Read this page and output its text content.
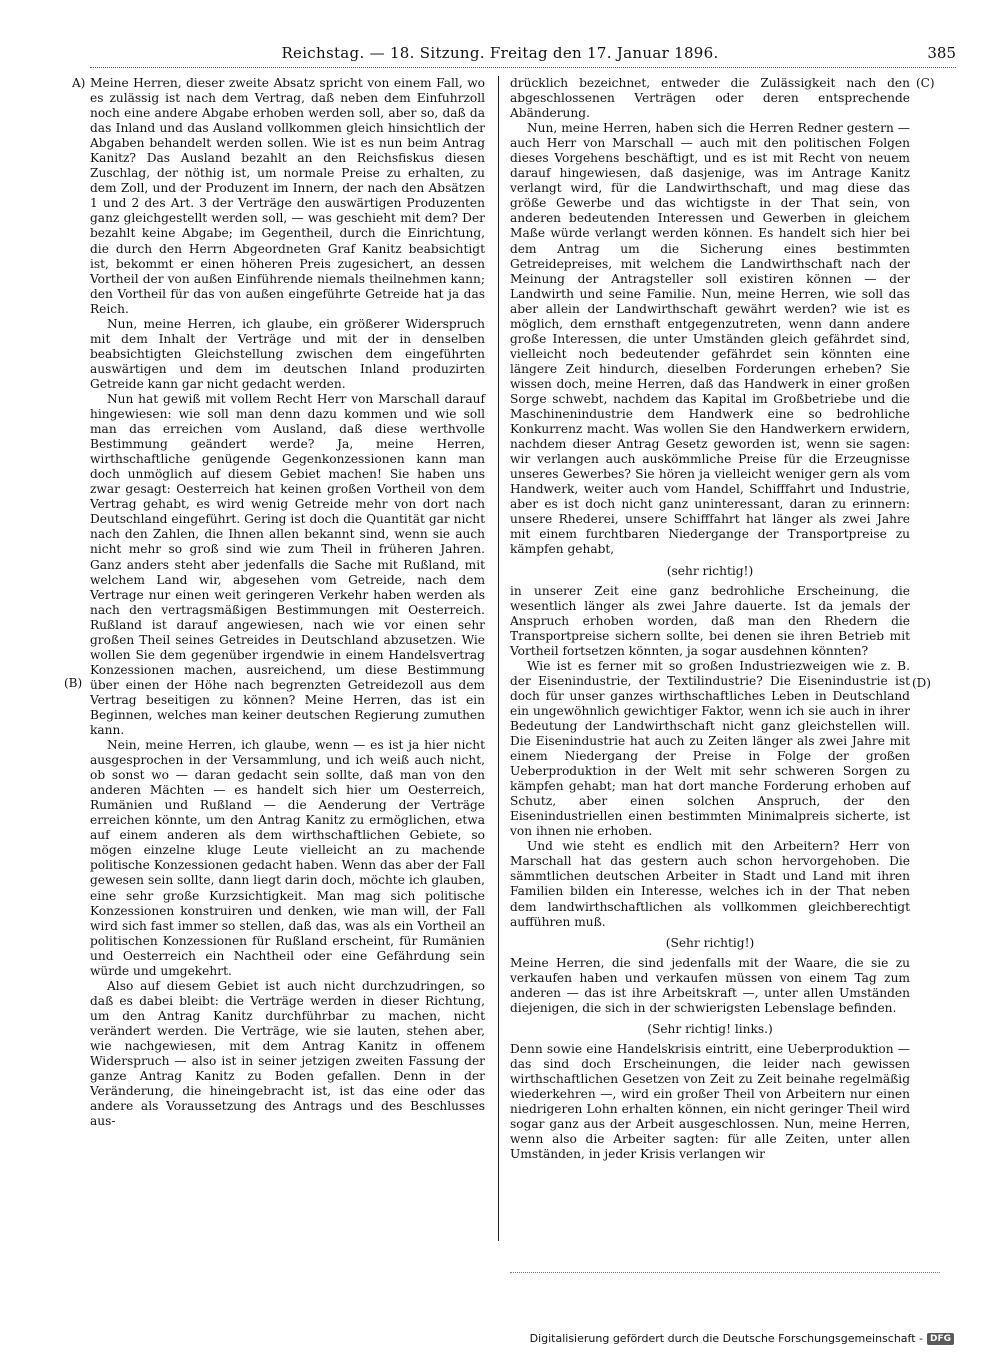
Reichstag. — 18. Sitzung. Freitag den 17. Januar 1896.	385
A)
(B)
(C)
(D)

Meine Herren, dieser zweite Absatz spricht von einem Fall, wo es zulässig ist nach dem Vertrag, daß neben dem Einfuhrzoll noch eine andere Abgabe erhoben werden soll, aber so, daß da das Inland und das Ausland vollkommen gleich hinsichtlich der Abgaben behandelt werden sollen. Wie ist es nun beim Antrag Kanitz? Das Ausland bezahlt an den Reichsfiskus diesen Zuschlag, der nöthig ist, um normale Preise zu erhalten, zu dem Zoll, und der Produzent im Innern, der nach den Absätzen 1 und 2 des Art. 3 der Verträge den auswärtigen Produzenten ganz gleichgestellt werden soll, — was geschieht mit dem? Der bezahlt keine Abgabe; im Gegentheil, durch die Einrichtung, die durch den Herrn Abgeordneten Graf Kanitz beabsichtigt ist, bekommt er einen höheren Preis zugesichert, an dessen Vortheil der von außen Einführende niemals theilnehmen kann; den Vortheil für das von außen eingeführte Getreide hat ja das Reich.

Nun, meine Herren, ich glaube, ein größerer Widerspruch mit dem Inhalt der Verträge und mit der in denselben beabsichtigten Gleichstellung zwischen dem eingeführten auswärtigen und dem im deutschen Inland produzirten Getreide kann gar nicht gedacht werden.

Nun hat gewiß mit vollem Recht Herr von Marschall darauf hingewiesen: wie soll man denn dazu kommen und wie soll man das erreichen vom Ausland, daß diese werthvolle Bestimmung geändert werde? Ja, meine Herren, wirthschaftliche genügende Gegenkonzessionen kann man doch unmöglich auf diesem Gebiet machen! Sie haben uns zwar gesagt: Oesterreich hat keinen großen Vortheil von dem Vertrag gehabt, es wird wenig Getreide mehr von dort nach Deutschland eingeführt. Gering ist doch die Quantität gar nicht nach den Zahlen, die Ihnen allen bekannt sind, wenn sie auch nicht mehr so groß sind wie zum Theil in früheren Jahren. Ganz anders steht aber jedenfalls die Sache mit Rußland, mit welchem Land wir, abgesehen vom Getreide, nach dem Vertrage nur einen weit geringeren Verkehr haben werden als nach den vertragsmäßigen Bestimmungen mit Oesterreich. Rußland ist darauf angewiesen, nach wie vor einen sehr großen Theil seines Getreides in Deutschland abzusetzen. Wie wollen Sie dem gegenüber irgendwie in einem Handelsvertrag Konzessionen machen, ausreichend, um diese Bestimmung über einen der Höhe nach begrenzten Getreidezoll aus dem Vertrag beseitigen zu können? Meine Herren, das ist ein Beginnen, welches man keiner deutschen Regierung zumuthen kann.

Nein, meine Herren, ich glaube, wenn — es ist ja hier nicht ausgesprochen in der Versammlung, und ich weiß auch nicht, ob sonst wo — daran gedacht sein sollte, daß man von den anderen Mächten — es handelt sich hier um Oesterreich, Rumänien und Rußland — die Aenderung der Verträge erreichen könnte, um den Antrag Kanitz zu ermöglichen, etwa auf einem anderen als dem wirthschaftlichen Gebiete, so mögen einzelne kluge Leute vielleicht an zu machende politische Konzessionen gedacht haben. Wenn das aber der Fall gewesen sein sollte, dann liegt darin doch, möchte ich glauben, eine sehr große Kurzsichtigkeit. Man mag sich politische Konzessionen konstruiren und denken, wie man will, der Fall wird sich fast immer so stellen, daß das, was als ein Vortheil an politischen Konzessionen für Rußland erscheint, für Rumänien und Oesterreich ein Nachtheil oder eine Gefährdung sein würde und umgekehrt.

Also auf diesem Gebiet ist auch nicht durchzudringen, so daß es dabei bleibt: die Verträge werden in dieser Richtung, um den Antrag Kanitz durchführbar zu machen, nicht verändert werden. Die Verträge, wie sie lauten, stehen aber, wie nachgewiesen, mit dem Antrag Kanitz in offenem Widerspruch — also ist in seiner jetzigen zweiten Fassung der ganze Antrag Kanitz zu Boden gefallen. Denn in der Veränderung, die hineingebracht ist, ist das eine oder das andere als Voraussetzung des Antrags und des Beschlusses aus-

drücklich bezeichnet, entweder die Zulässigkeit nach den abgeschlossenen Verträgen oder deren entsprechende Abänderung.

Nun, meine Herren, haben sich die Herren Redner gestern — auch Herr von Marschall — auch mit den politischen Folgen dieses Vorgehens beschäftigt, und es ist mit Recht von neuem darauf hingewiesen, daß dasjenige, was im Antrage Kanitz verlangt wird, für die Landwirthschaft, und mag diese das größe Gewerbe und das wichtigste in der That sein, von anderen bedeutenden Interessen und Gewerben in gleichem Maße würde verlangt werden können. Es handelt sich hier bei dem Antrag um die Sicherung eines bestimmten Getreidepreises, mit welchem die Landwirthschaft nach der Meinung der Antragsteller soll existiren können — der Landwirth und seine Familie. Nun, meine Herren, wie soll das aber allein der Landwirthschaft gewährt werden? wie ist es möglich, dem ernsthaft entgegenzutreten, wenn dann andere große Interessen, die unter Umständen gleich gefährdet sind, vielleicht noch bedeutender gefährdet sein könnten eine längere Zeit hindurch, dieselben Forderungen erheben? Sie wissen doch, meine Herren, daß das Handwerk in einer großen Sorge schwebt, nachdem das Kapital im Großbetriebe und die Maschinenindustrie dem Handwerk eine so bedrohliche Konkurrenz macht. Was wollen Sie den Handwerkern erwidern, nachdem dieser Antrag Gesetz geworden ist, wenn sie sagen: wir verlangen auch auskömmliche Preise für die Erzeugnisse unseres Gewerbes? Sie hören ja vielleicht weniger gern als vom Handwerk, weiter auch vom Handel, Schifffahrt und Industrie, aber es ist doch nicht ganz uninteressant, daran zu erinnern: unsere Rhederei, unsere Schifffahrt hat länger als zwei Jahre mit einem furchtbaren Niedergange der Transportpreise zu kämpfen gehabt,

(sehr richtig!)

in unserer Zeit eine ganz bedrohliche Erscheinung, die wesentlich länger als zwei Jahre dauerte. Ist da jemals der Anspruch erhoben worden, daß man den Rhedern die Transportpreise sichern sollte, bei denen sie ihren Betrieb mit Vortheil fortsetzen könnten, ja sogar ausdehnen könnten?

Wie ist es ferner mit so großen Industriezweigen wie z. B. der Eisenindustrie, der Textilindustrie? Die Eisenindustrie ist doch für unser ganzes wirthschaftliches Leben in Deutschland ein ungewöhnlich gewichtiger Faktor, wenn ich sie auch in ihrer Bedeutung der Landwirthschaft nicht ganz gleichstellen will. Die Eisenindustrie hat auch zu Zeiten länger als zwei Jahre mit einem Niedergang der Preise in Folge der großen Ueberproduktion in der Welt mit sehr schweren Sorgen zu kämpfen gehabt; man hat dort manche Forderung erhoben auf Schutz, aber einen solchen Anspruch, der den Eisenindustriellen einen bestimmten Minimalpreis sicherte, ist von ihnen nie erhoben.

Und wie steht es endlich mit den Arbeitern? Herr von Marschall hat das gestern auch schon hervorgehoben. Die sämmtlichen deutschen Arbeiter in Stadt und Land mit ihren Familien bilden ein Interesse, welches ich in der That neben dem landwirthschaftlichen als vollkommen gleichberechtigt aufführen muß.

(Sehr richtig!)

Meine Herren, die sind jedenfalls mit der Waare, die sie zu verkaufen haben und verkaufen müssen von einem Tag zum anderen — das ist ihre Arbeitskraft —, unter allen Umständen diejenigen, die sich in der schwierigsten Lebenslage befinden.

(Sehr richtig! links.)

Denn sowie eine Handelskrisis eintritt, eine Ueberproduktion — das sind doch Erscheinungen, die leider nach gewissen wirthschaftlichen Gesetzen von Zeit zu Zeit beinahe regelmäßig wiederkehren —, wird ein großer Theil von Arbeitern nur einen niedrigeren Lohn erhalten können, ein nicht geringer Theil wird sogar ganz aus der Arbeit ausgeschlossen. Nun, meine Herren, wenn also die Arbeiter sagten: für alle Zeiten, unter allen Umständen, in jeder Krisis verlangen wir

Digitalisierung gefördert durch die Deutsche Forschungsgemeinschaft - DFG
